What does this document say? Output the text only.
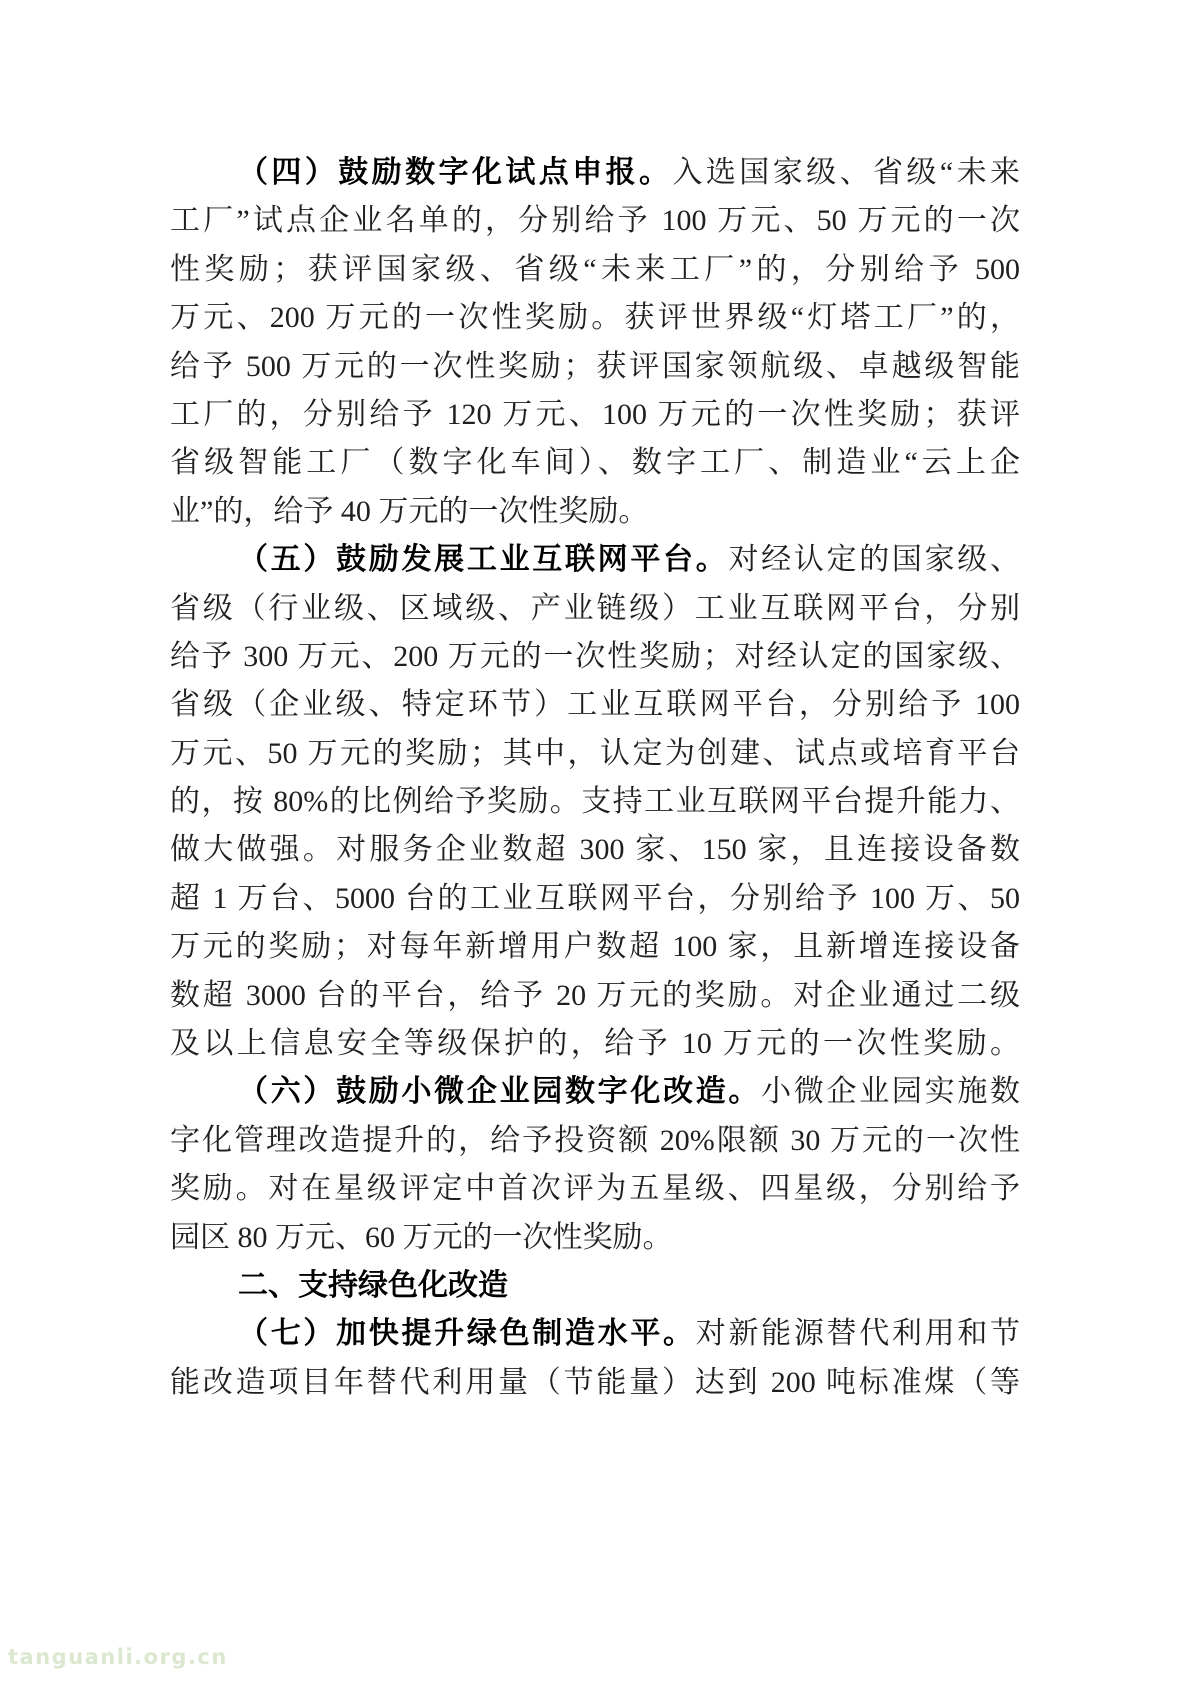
（四）鼓励数字化试点申报。入选国家级、省级“未来
工厂”试点企业名单的，分别给予 100 万元、50 万元的一次
性奖励；获评国家级、省级“未来工厂”的，分别给予 500
万元、200 万元的一次性奖励。获评世界级“灯塔工厂”的，
给予 500 万元的一次性奖励；获评国家领航级、卓越级智能
工厂的，分别给予 120 万元、100 万元的一次性奖励；获评
省级智能工厂（数字化车间）、数字工厂、制造业“云上企
业”的，给予 40 万元的一次性奖励。
（五）鼓励发展工业互联网平台。对经认定的国家级、
省级（行业级、区域级、产业链级）工业互联网平台，分别
给予 300 万元、200 万元的一次性奖励；对经认定的国家级、
省级（企业级、特定环节）工业互联网平台，分别给予 100
万元、50 万元的奖励；其中，认定为创建、试点或培育平台
的，按 80%的比例给予奖励。支持工业互联网平台提升能力、
做大做强。对服务企业数超 300 家、150 家，且连接设备数
超 1 万台、5000 台的工业互联网平台，分别给予 100 万、50
万元的奖励；对每年新增用户数超 100 家，且新增连接设备
数超 3000 台的平台，给予 20 万元的奖励。对企业通过二级
及以上信息安全等级保护的，给予 10 万元的一次性奖励。
（六）鼓励小微企业园数字化改造。小微企业园实施数
字化管理改造提升的，给予投资额 20%限额 30 万元的一次性
奖励。对在星级评定中首次评为五星级、四星级，分别给予
园区 80 万元、60 万元的一次性奖励。
二、支持绿色化改造
（七）加快提升绿色制造水平。对新能源替代利用和节
能改造项目年替代利用量（节能量）达到 200 吨标准煤（等
tanguanli.org.cn
